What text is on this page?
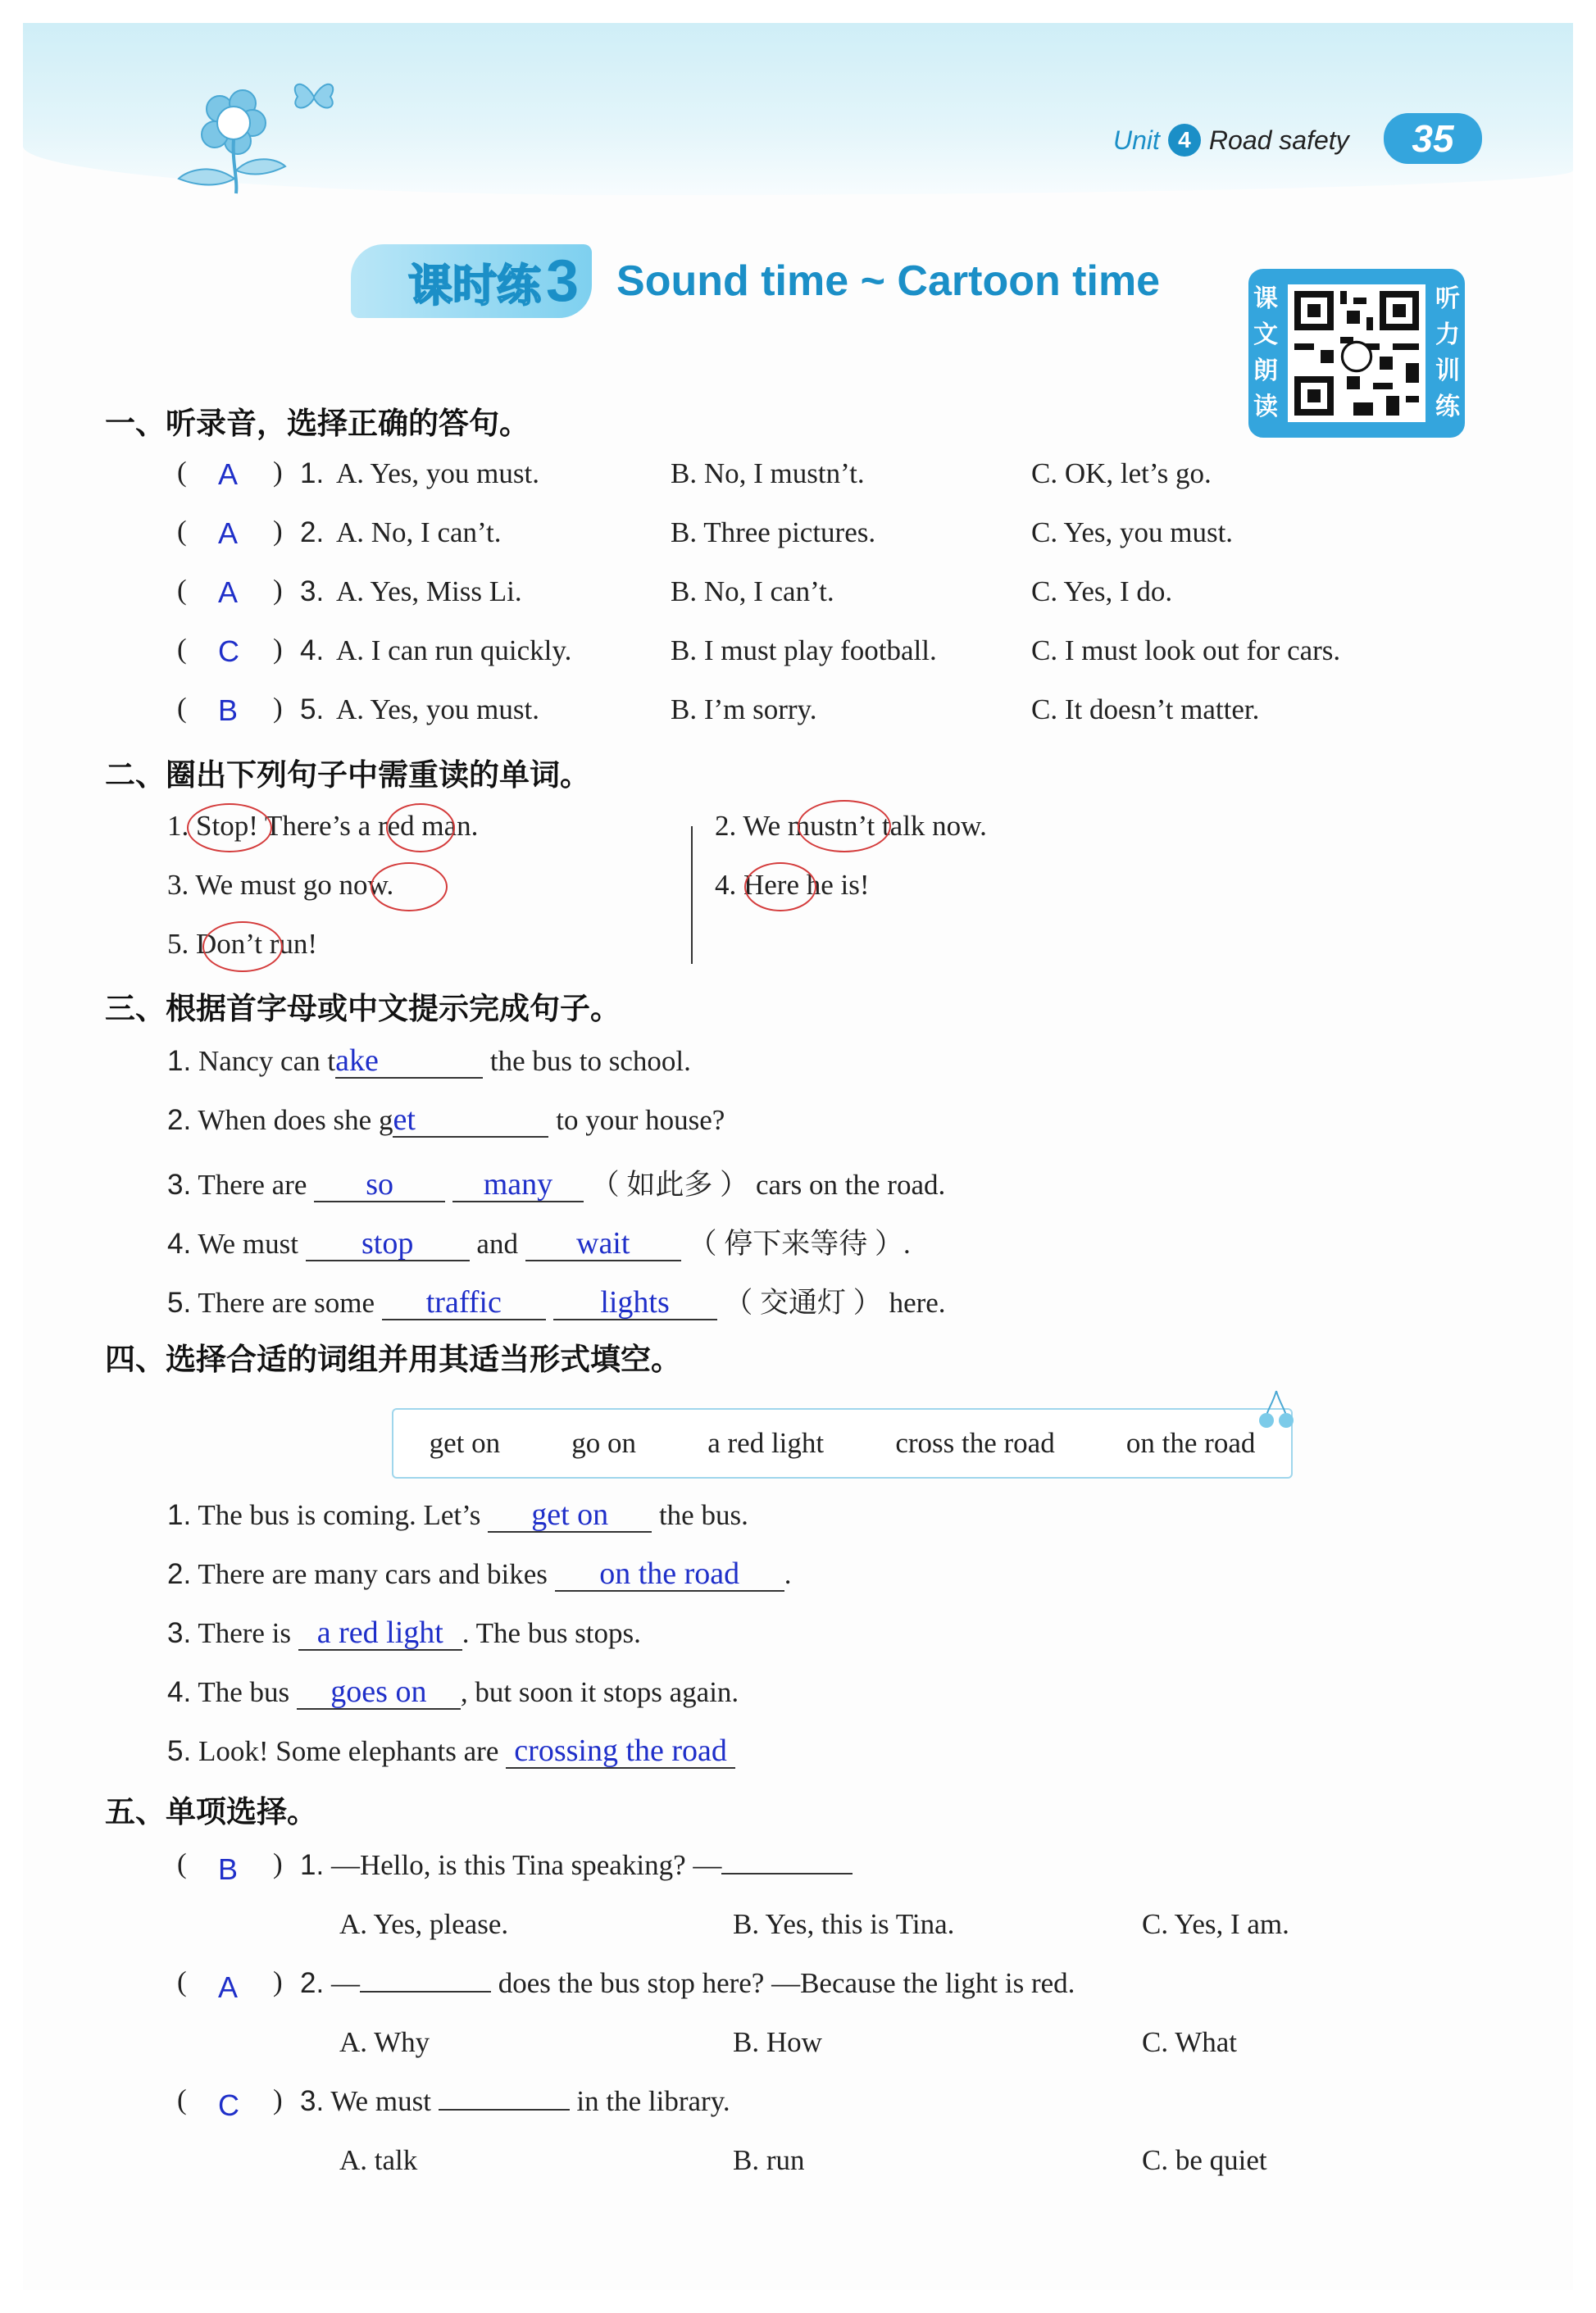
Unit 4 Road safety	35
课时练3 Sound time ~ Cartoon time	课
文
朗
读
听
力
训
练
一、听录音，选择正确的答句。
( A ) 1. A. Yes, you must.	B. No, I mustn’t.	C. OK, let’s go.
( A ) 2. A. No, I can’t.	B. Three pictures.	C. Yes, you must.
( A ) 3. A. Yes, Miss Li.	B. No, I can’t.	C. Yes, I do.
( C ) 4. A. I can run quickly.	B. I must play football.	C. I must look out for cars.
( B ) 5. A. Yes, you must.	B. I’m sorry.	C. It doesn’t matter.
二、圈出下列句子中需重读的单词。
1. Stop! There’s a red man.	2. We mustn’t talk now.
3. We must go now.	4. Here he is!
5. Don’t run!
三、根据首字母或中文提示完成句子。
1. Nancy can take	the bus to school.
2. When does she get	to your house?
3. There are so	many （ 如此多 ） cars on the road.
4. We must stop and wait （ 停下来等待 ）.
5. There are some traffic	lights （ 交通灯 ） here.
四、选择合适的词组并用其适当形式填空。
get on go on a red light cross the road on the road
1. The bus is coming. Let’s get on the bus.
2. There are many cars and bikes on the road .
3. There is a red light . The bus stops.
4. The bus goes on , but soon it stops again.
5. Look! Some elephants are crossing the road
五、单项选择。
( B ) 1. —Hello, is this Tina speaking? —
A. Yes, please.	B. Yes, this is Tina.	C. Yes, I am.
( A ) 2. —	does the bus stop here? —Because the light is red.
A. Why	B. How	C. What
( C ) 3. We must	in the library.
A. talk	B. run	C. be quiet
